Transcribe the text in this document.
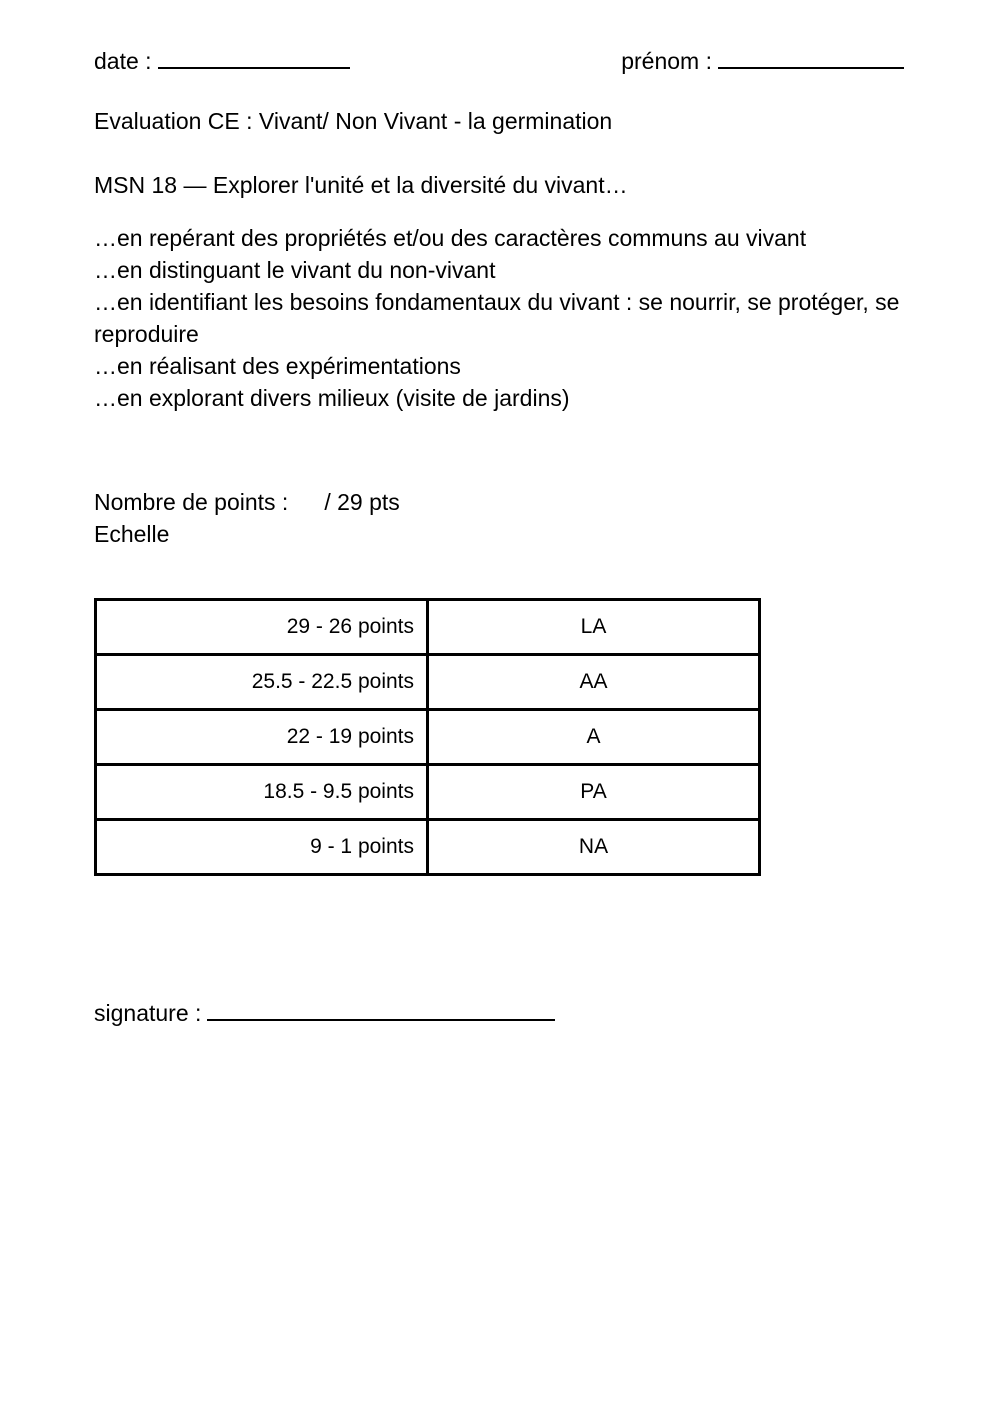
date :	prénom :
Evaluation CE : Vivant/ Non Vivant - la germination
MSN 18 — Explorer l'unité et la diversité du vivant…
…en repérant des propriétés et/ou des caractères communs au vivant
…en distinguant le vivant du non-vivant
…en identifiant les besoins fondamentaux du vivant : se nourrir, se protéger, se reproduire
…en réalisant des expérimentations
…en explorant divers milieux (visite de jardins)
Nombre de points : / 29 pts
Echelle
29 - 26 points	LA
25.5 - 22.5 points	AA
22 - 19 points	A
18.5 - 9.5 points	PA
9 - 1 points	NA
signature :
